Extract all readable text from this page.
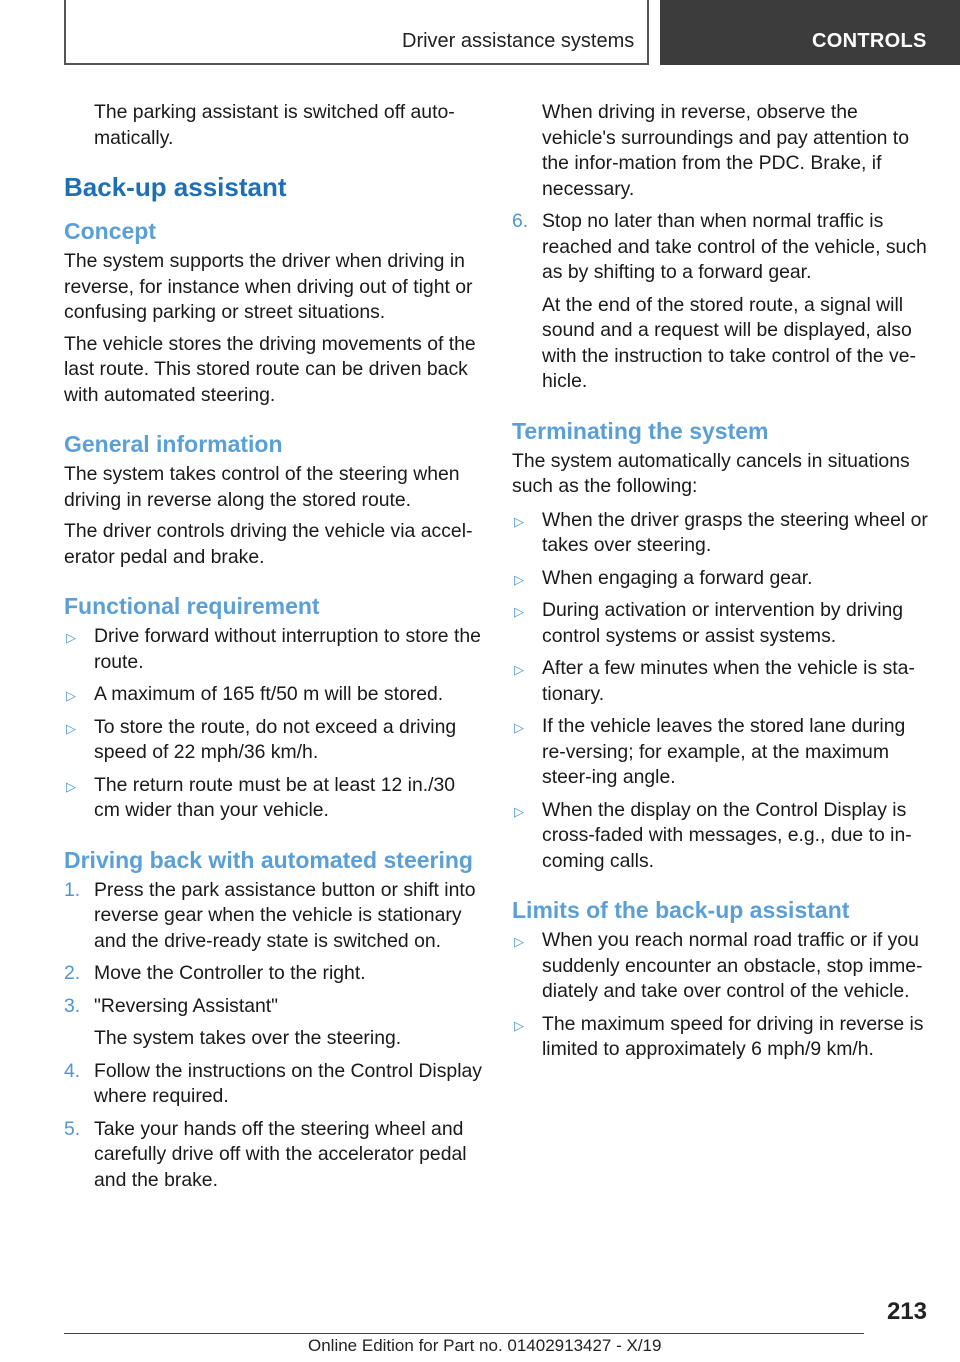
Driver assistance systems	CONTROLS
The parking assistant is switched off auto-matically.
Back-up assistant
Concept
The system supports the driver when driving in reverse, for instance when driving out of tight or confusing parking or street situations.
The vehicle stores the driving movements of the last route. This stored route can be driven back with automated steering.
General information
The system takes control of the steering when driving in reverse along the stored route.
The driver controls driving the vehicle via accel-erator pedal and brake.
Functional requirement
▷ Drive forward without interruption to store the route.
▷ A maximum of 165 ft/50 m will be stored.
▷ To store the route, do not exceed a driving speed of 22 mph/36 km/h.
▷ The return route must be at least 12 in./30 cm wider than your vehicle.
Driving back with automated steering
1. Press the park assistance button or shift into reverse gear when the vehicle is stationary and the drive-ready state is switched on.
2. Move the Controller to the right.
3. "Reversing Assistant"
The system takes over the steering.
4. Follow the instructions on the Control Display where required.
5. Take your hands off the steering wheel and carefully drive off with the accelerator pedal and the brake.
When driving in reverse, observe the vehicle's surroundings and pay attention to the infor-mation from the PDC. Brake, if necessary.
6. Stop no later than when normal traffic is reached and take control of the vehicle, such as by shifting to a forward gear.
At the end of the stored route, a signal will sound and a request will be displayed, also with the instruction to take control of the ve-hicle.
Terminating the system
The system automatically cancels in situations such as the following:
▷ When the driver grasps the steering wheel or takes over steering.
▷ When engaging a forward gear.
▷ During activation or intervention by driving control systems or assist systems.
▷ After a few minutes when the vehicle is sta-tionary.
▷ If the vehicle leaves the stored lane during re-versing; for example, at the maximum steer-ing angle.
▷ When the display on the Control Display is cross-faded with messages, e.g., due to in-coming calls.
Limits of the back-up assistant
▷ When you reach normal road traffic or if you suddenly encounter an obstacle, stop imme-diately and take over control of the vehicle.
▷ The maximum speed for driving in reverse is limited to approximately 6 mph/9 km/h.
213
Online Edition for Part no. 01402913427 - X/19
